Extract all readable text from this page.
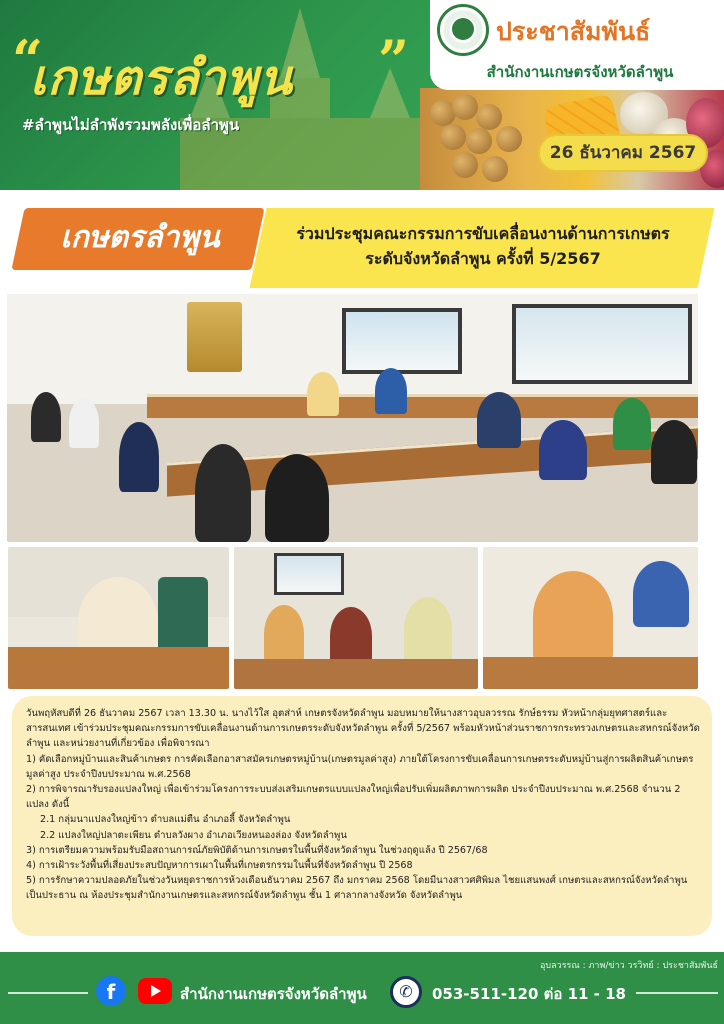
“
เกษตรลำพูน ”
#ลำพูนไม่ลำพังรวมพลังเพื่อลำพูน
ประชาสัมพันธ์
สำนักงานเกษตรจังหวัดลำพูน
26 ธันวาคม 2567
เกษตรลำพูน	ร่วมประชุมคณะกรรมการขับเคลื่อนงานด้านการเกษตร
ระดับจังหวัดลำพูน ครั้งที่ 5/2567

วันพฤหัสบดีที่ 26 ธันวาคม 2567 เวลา 13.30 น. นางไว้ใส อุตส่าห์ เกษตรจังหวัดลำพูน มอบหมายให้นางสาวอุบลวรรณ รักษ์ธรรม หัวหน้ากลุ่มยุทศาสตร์และสารสนเทศ เข้าร่วมประชุมคณะกรรมการขับเคลื่อนงานด้านการเกษตรระดับจังหวัดลำพูน ครั้งที่ 5/2567 พร้อมหัวหน้าส่วนราชการกระทรวงเกษตรและสหกรณ์จังหวัดลำพูน และหน่วยงานที่เกี่ยวข้อง เพื่อพิจารณา

1) คัดเลือกหมู่บ้านและสินค้าเกษตร การคัดเลือกอาสาสมัครเกษตรหมู่บ้าน(เกษตรมูลค่าสูง) ภายใต้โครงการขับเคลื่อนการเกษตรระดับหมู่บ้านสู่การผลิตสินค้าเกษตรมูลค่าสูง ประจำปีงบประมาณ พ.ศ.2568

2) การพิจารณารับรองแปลงใหญ่ เพื่อเข้าร่วมโครงการระบบส่งเสริมเกษตรแบบแปลงใหญ่เพื่อปรับเพิ่มผลิตภาพการผลิต ประจำปีงบประมาณ พ.ศ.2568 จำนวน 2 แปลง ดังนี้

2.1 กลุ่มนาแปลงใหญ่ข้าว ตำบลแม่ตืน อำเภอลี้ จังหวัดลำพูน

2.2 แปลงใหญ่ปลาตะเพียน ตำบลวังผาง อำเภอเวียงหนองล่อง จังหวัดลำพูน

3) การเตรียมความพร้อมรับมือสถานการณ์ภัยพิบัติด้านการเกษตรในพื้นที่จังหวัดลำพูน ในช่วงฤดูแล้ง ปี 2567/68

4) การเฝ้าระวังพื้นที่เสี่ยงประสบปัญหาการเผาในพื้นที่เกษตรกรรมในพื้นที่จังหวัดลำพูน ปี 2568

5) การรักษาความปลอดภัยในช่วงวันหยุดราชการห้วงเดือนธันวาคม 2567 ถึง มกราคม 2568 โดยมีนางสาวศศิพิมล ไชยแสนพงศ์ เกษตรและสหกรณ์จังหวัดลำพูน เป็นประธาน ณ ห้องประชุมสำนักงานเกษตรและสหกรณ์จังหวัดลำพูน ชั้น 1 ศาลากลางจังหวัด จังหวัดลำพูน

อุบลวรรณ : ภาพ/ข่าว วรวิทย์ : ประชาสัมพันธ์
f	สำนักงานเกษตรจังหวัดลำพูน	✆	053-511-120 ต่อ 11 - 18
